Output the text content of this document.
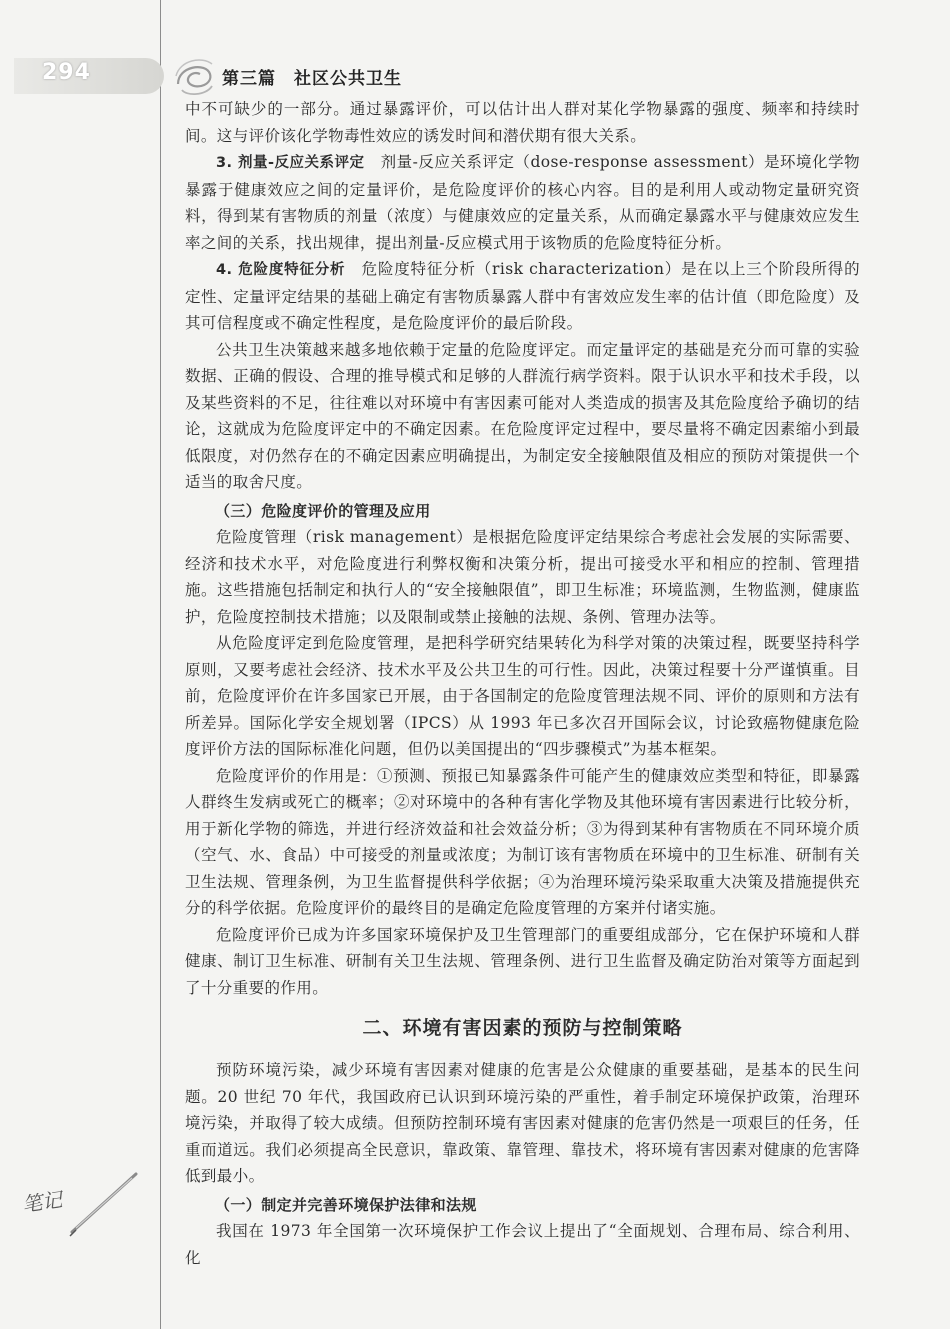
294	第三篇　社区公共卫生

中不可缺少的一部分。通过暴露评价，可以估计出人群对某化学物暴露的强度、频率和持续时间。这与评价该化学物毒性效应的诱发时间和潜伏期有很大关系。

3. 剂量-反应关系评定　 剂量-反应关系评定（dose-response assessment）是环境化学物暴露于健康效应之间的定量评价，是危险度评价的核心内容。目的是利用人或动物定量研究资料，得到某有害物质的剂量（浓度）与健康效应的定量关系，从而确定暴露水平与健康效应发生率之间的关系，找出规律，提出剂量-反应模式用于该物质的危险度特征分析。

4. 危险度特征分析　 危险度特征分析（risk characterization）是在以上三个阶段所得的定性、定量评定结果的基础上确定有害物质暴露人群中有害效应发生率的估计值（即危险度）及其可信程度或不确定性程度，是危险度评价的最后阶段。

公共卫生决策越来越多地依赖于定量的危险度评定。而定量评定的基础是充分而可靠的实验数据、正确的假设、合理的推导模式和足够的人群流行病学资料。限于认识水平和技术手段，以及某些资料的不足，往往难以对环境中有害因素可能对人类造成的损害及其危险度给予确切的结论，这就成为危险度评定中的不确定因素。在危险度评定过程中，要尽量将不确定因素缩小到最低限度，对仍然存在的不确定因素应明确提出，为制定安全接触限值及相应的预防对策提供一个适当的取舍尺度。

（三）危险度评价的管理及应用

危险度管理（risk management）是根据危险度评定结果综合考虑社会发展的实际需要、经济和技术水平，对危险度进行利弊权衡和决策分析，提出可接受水平和相应的控制、管理措施。这些措施包括制定和执行人的“安全接触限值”，即卫生标准；环境监测，生物监测，健康监护，危险度控制技术措施；以及限制或禁止接触的法规、条例、管理办法等。

从危险度评定到危险度管理，是把科学研究结果转化为科学对策的决策过程，既要坚持科学原则，又要考虑社会经济、技术水平及公共卫生的可行性。因此，决策过程要十分严谨慎重。目前，危险度评价在许多国家已开展，由于各国制定的危险度管理法规不同、评价的原则和方法有所差异。国际化学安全规划署（IPCS）从 1993 年已多次召开国际会议，讨论致癌物健康危险度评价方法的国际标准化问题，但仍以美国提出的“四步骤模式”为基本框架。

危险度评价的作用是：①预测、预报已知暴露条件可能产生的健康效应类型和特征，即暴露人群终生发病或死亡的概率；②对环境中的各种有害化学物及其他环境有害因素进行比较分析，用于新化学物的筛选，并进行经济效益和社会效益分析；③为得到某种有害物质在不同环境介质（空气、水、食品）中可接受的剂量或浓度；为制订该有害物质在环境中的卫生标准、研制有关卫生法规、管理条例，为卫生监督提供科学依据；④为治理环境污染采取重大决策及措施提供充分的科学依据。危险度评价的最终目的是确定危险度管理的方案并付诸实施。

危险度评价已成为许多国家环境保护及卫生管理部门的重要组成部分，它在保护环境和人群健康、制订卫生标准、研制有关卫生法规、管理条例、进行卫生监督及确定防治对策等方面起到了十分重要的作用。

二、环境有害因素的预防与控制策略

预防环境污染，减少环境有害因素对健康的危害是公众健康的重要基础，是基本的民生问题。20 世纪 70 年代，我国政府已认识到环境污染的严重性，着手制定环境保护政策，治理环境污染，并取得了较大成绩。但预防控制环境有害因素对健康的危害仍然是一项艰巨的任务，任重而道远。我们必须提高全民意识，靠政策、靠管理、靠技术，将环境有害因素对健康的危害降低到最小。

（一）制定并完善环境保护法律和法规

我国在 1973 年全国第一次环境保护工作会议上提出了“全面规划、合理布局、综合利用、化

笔记
